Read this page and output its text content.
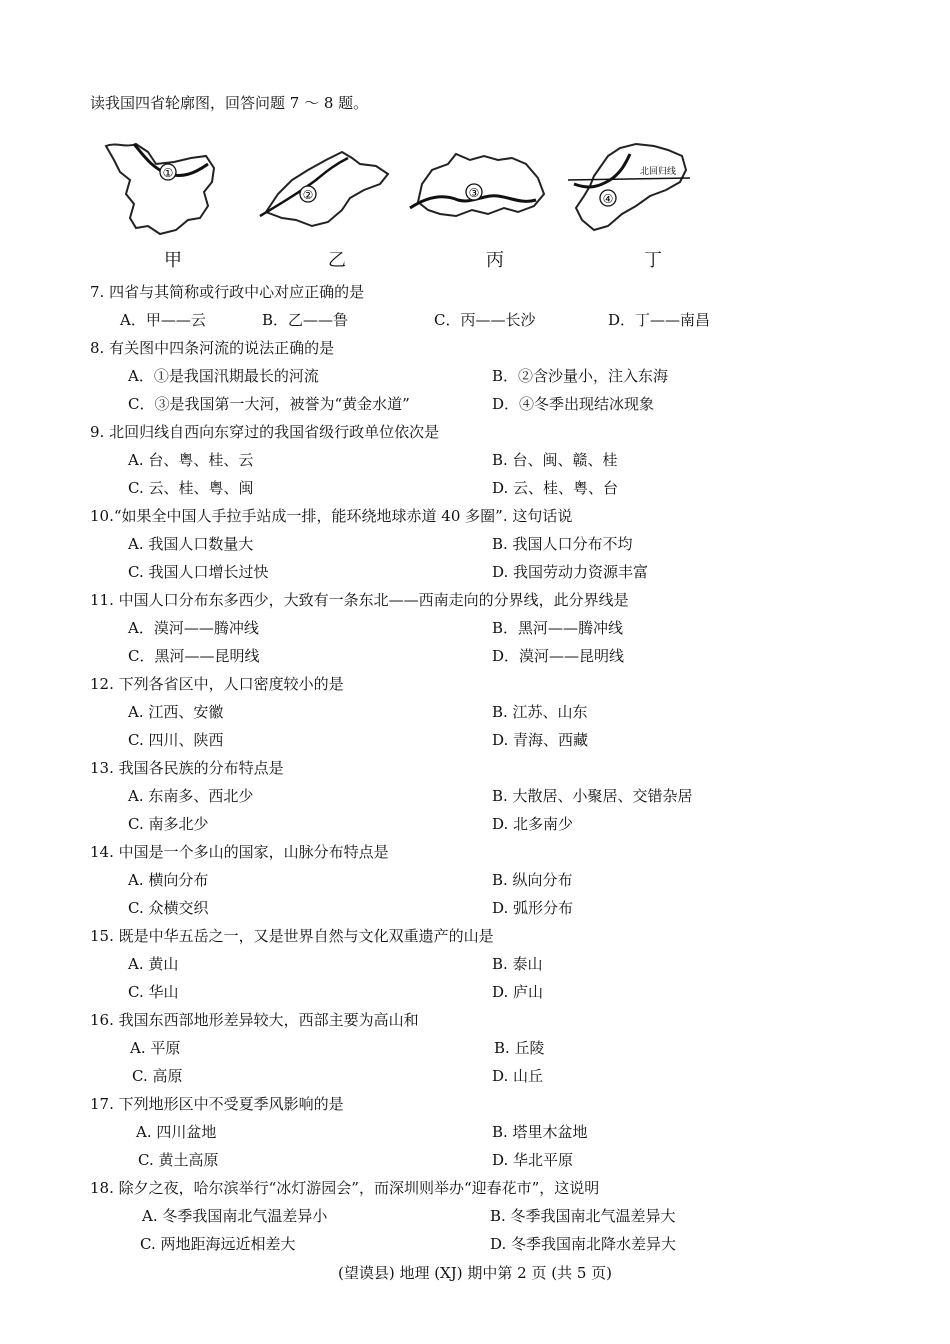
读我国四省轮廓图，回答问题 7 ～ 8 题。
①
甲
②
乙
③
丙
北回归线
④
丁
7. 四省与其简称或行政中心对应正确的是
A．甲——云	B．乙——鲁	C．丙——长沙	D．丁——南昌
8. 有关图中四条河流的说法正确的是
A．①是我国汛期最长的河流	B．②含沙量小，注入东海
C．③是我国第一大河，被誉为“黄金水道”	D．④冬季出现结冰现象
9. 北回归线自西向东穿过的我国省级行政单位依次是
A. 台、粤、桂、云	B. 台、闽、赣、桂
C. 云、桂、粤、闽	D. 云、桂、粤、台
10.“如果全中国人手拉手站成一排，能环绕地球赤道 40 多圈”. 这句话说
A. 我国人口数量大	B. 我国人口分布不均
C. 我国人口增长过快	D. 我国劳动力资源丰富
11. 中国人口分布东多西少，大致有一条东北——西南走向的分界线，此分界线是
A．漠河——腾冲线	B．黑河——腾冲线
C．黑河——昆明线	D．漠河——昆明线
12. 下列各省区中，人口密度较小的是
A. 江西、安徽	B. 江苏、山东
C. 四川、陕西	D. 青海、西藏
13. 我国各民族的分布特点是
A. 东南多、西北少	B. 大散居、小聚居、交错杂居
C. 南多北少	D. 北多南少
14. 中国是一个多山的国家，山脉分布特点是
A. 横向分布	B. 纵向分布
C. 众横交织	D. 弧形分布
15. 既是中华五岳之一，又是世界自然与文化双重遗产的山是
A. 黄山	B. 泰山
C. 华山	D. 庐山
16. 我国东西部地形差异较大，西部主要为高山和
A. 平原	B. 丘陵
C. 高原	D. 山丘
17. 下列地形区中不受夏季风影响的是
A. 四川盆地	B. 塔里木盆地
C. 黄土高原	D. 华北平原
18. 除夕之夜，哈尔滨举行“冰灯游园会”，而深圳则举办“迎春花市”，这说明
A. 冬季我国南北气温差异小	B. 冬季我国南北气温差异大
C. 两地距海远近相差大	D. 冬季我国南北降水差异大
(望谟县) 地理 (XJ) 期中第 2 页 (共 5 页)
